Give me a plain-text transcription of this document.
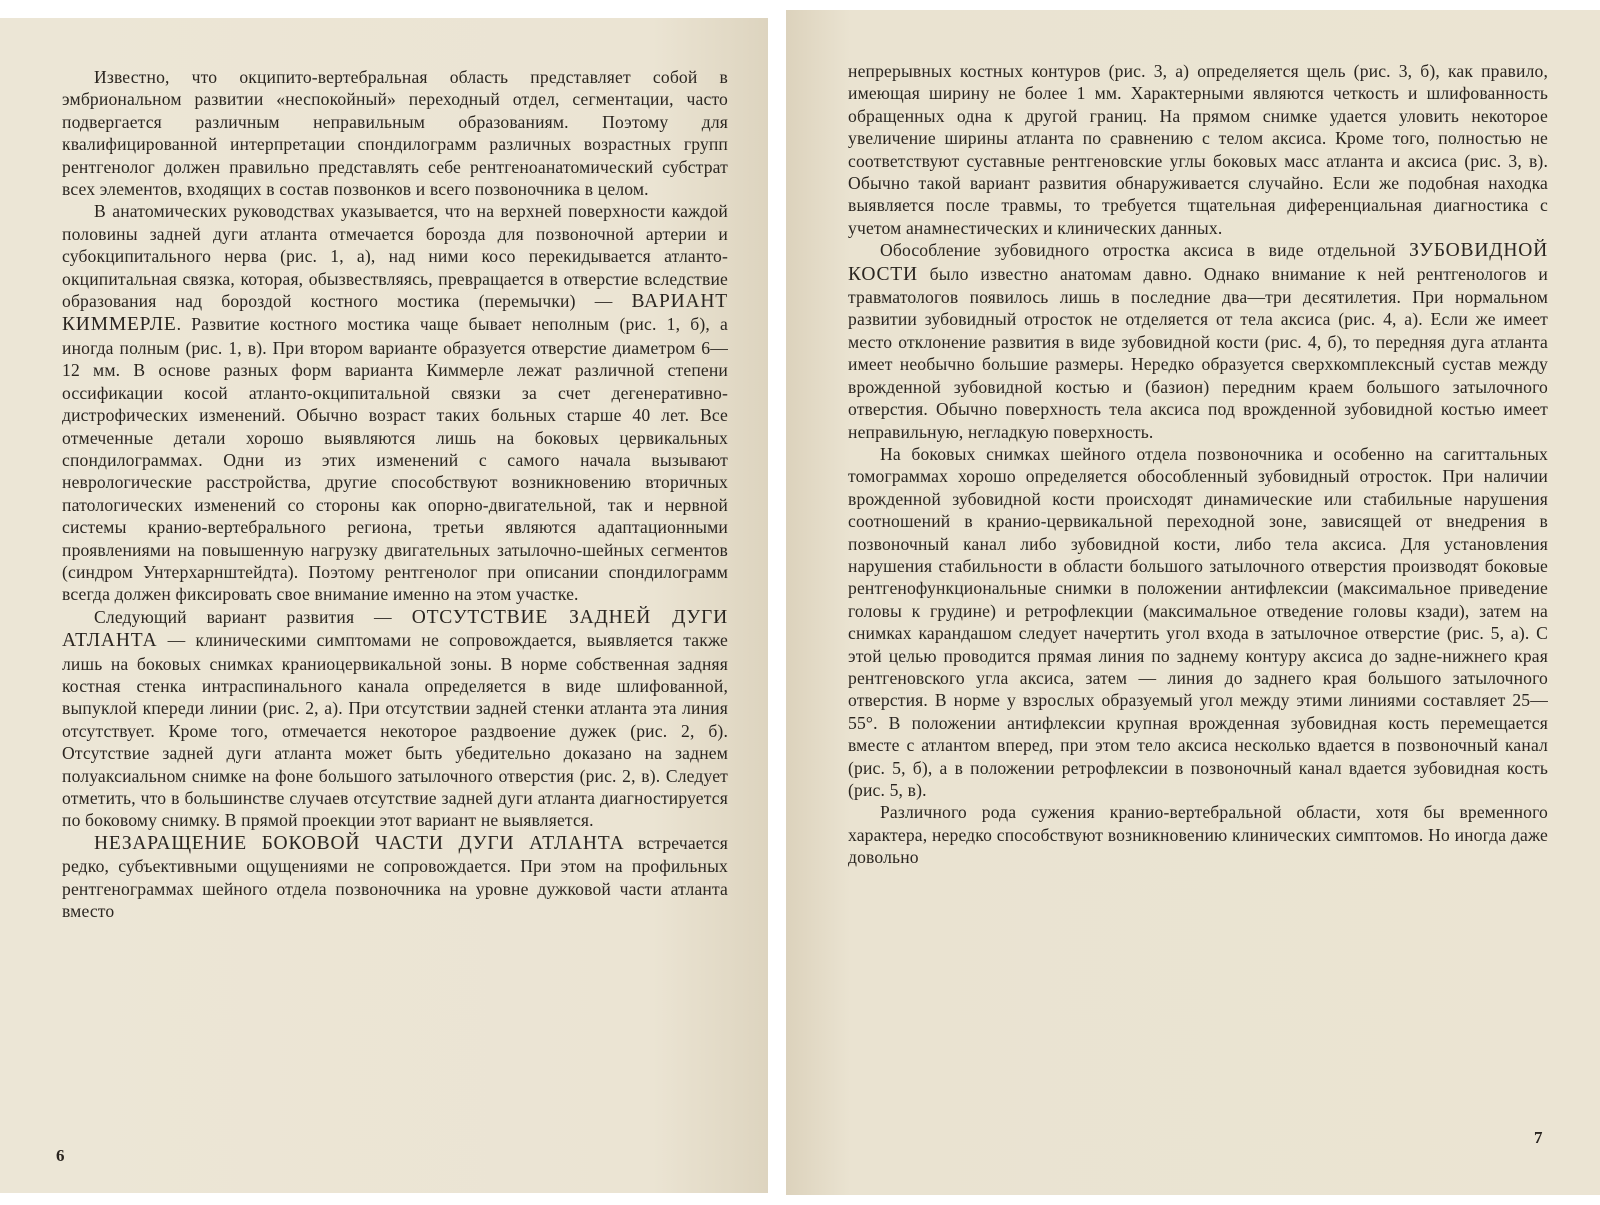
Известно, что окципито-вертебральная область представляет собой в эмбриональном развитии «неспокойный» переходный отдел, сегментации, часто подвергается различным неправильным образованиям. Поэтому для квалифицированной интерпретации спондилограмм различных возрастных групп рентгенолог должен правильно представлять себе рентгеноанатомический субстрат всех элементов, входящих в состав позвонков и всего позвоночника в целом.

В анатомических руководствах указывается, что на верхней поверхности каждой половины задней дуги атланта отмечается борозда для позвоночной артерии и субокципитального нерва (рис. 1, а), над ними косо перекидывается атланто-окципитальная связка, которая, обызвествляясь, превращается в отверстие вследствие образования над бороздой костного мостика (перемычки) — ВАРИАНТ КИММЕРЛЕ. Развитие костного мостика чаще бывает неполным (рис. 1, б), а иногда полным (рис. 1, в). При втором варианте образуется отверстие диаметром 6—12 мм. В основе разных форм варианта Киммерле лежат различной степени оссификации косой атланто-окципитальной связки за счет дегенеративно-дистрофических изменений. Обычно возраст таких больных старше 40 лет. Все отмеченные детали хорошо выявляются лишь на боковых цервикальных спондилограммах. Одни из этих изменений с самого начала вызывают неврологические расстройства, другие способствуют возникновению вторичных патологических изменений со стороны как опорно-двигательной, так и нервной системы кранио-вертебрального региона, третьи являются адаптационными проявлениями на повышенную нагрузку двигательных затылочно-шейных сегментов (синдром Унтерхарнштейдта). Поэтому рентгенолог при описании спондилограмм всегда должен фиксировать свое внимание именно на этом участке.

Следующий вариант развития — ОТСУТСТВИЕ ЗАДНЕЙ ДУГИ АТЛАНТА — клиническими симптомами не сопровождается, выявляется также лишь на боковых снимках краниоцервикальной зоны. В норме собственная задняя костная стенка интраспинального канала определяется в виде шлифованной, выпуклой кпереди линии (рис. 2, а). При отсутствии задней стенки атланта эта линия отсутствует. Кроме того, отмечается некоторое раздвоение дужек (рис. 2, б). Отсутствие задней дуги атланта может быть убедительно доказано на заднем полуаксиальном снимке на фоне большого затылочного отверстия (рис. 2, в). Следует отметить, что в большинстве случаев отсутствие задней дуги атланта диагностируется по боковому снимку. В прямой проекции этот вариант не выявляется.

НЕЗАРАЩЕНИЕ БОКОВОЙ ЧАСТИ ДУГИ АТЛАНТА встречается редко, субъективными ощущениями не сопровождается. При этом на профильных рентгенограммах шейного отдела позвоночника на уровне дужковой части атланта вместо

6

непрерывных костных контуров (рис. 3, а) определяется щель (рис. 3, б), как правило, имеющая ширину не более 1 мм. Характерными являются четкость и шлифованность обращенных одна к другой границ. На прямом снимке удается уловить некоторое увеличение ширины атланта по сравнению с телом аксиса. Кроме того, полностью не соответствуют суставные рентгеновские углы боковых масс атланта и аксиса (рис. 3, в). Обычно такой вариант развития обнаруживается случайно. Если же подобная находка выявляется после травмы, то требуется тщательная диференциальная диагностика с учетом анамнестических и клинических данных.

Обособление зубовидного отростка аксиса в виде отдельной ЗУБОВИДНОЙ КОСТИ было известно анатомам давно. Однако внимание к ней рентгенологов и травматологов появилось лишь в последние два—три десятилетия. При нормальном развитии зубовидный отросток не отделяется от тела аксиса (рис. 4, а). Если же имеет место отклонение развития в виде зубовидной кости (рис. 4, б), то передняя дуга атланта имеет необычно большие размеры. Нередко образуется сверхкомплексный сустав между врожденной зубовидной костью и (базион) передним краем большого затылочного отверстия. Обычно поверхность тела аксиса под врожденной зубовидной костью имеет неправильную, негладкую поверхность.

На боковых снимках шейного отдела позвоночника и особенно на сагиттальных томограммах хорошо определяется обособленный зубовидный отросток. При наличии врожденной зубовидной кости происходят динамические или стабильные нарушения соотношений в кранио-цервикальной переходной зоне, зависящей от внедрения в позвоночный канал либо зубовидной кости, либо тела аксиса. Для установления нарушения стабильности в области большого затылочного отверстия производят боковые рентгенофункциональные снимки в положении антифлексии (максимальное приведение головы к грудине) и ретрофлекции (максимальное отведение головы кзади), затем на снимках карандашом следует начертить угол входа в затылочное отверстие (рис. 5, а). С этой целью проводится прямая линия по заднему контуру аксиса до задне-нижнего края рентгеновского угла аксиса, затем — линия до заднего края большого затылочного отверстия. В норме у взрослых образуемый угол между этими линиями составляет 25—55°. В положении антифлексии крупная врожденная зубовидная кость перемещается вместе с атлантом вперед, при этом тело аксиса несколько вдается в позвоночный канал (рис. 5, б), а в положении ретрофлексии в позвоночный канал вдается зубовидная кость (рис. 5, в).

Различного рода сужения кранио-вертебральной области, хотя бы временного характера, нередко способствуют возникновению клинических симптомов. Но иногда даже довольно

7
